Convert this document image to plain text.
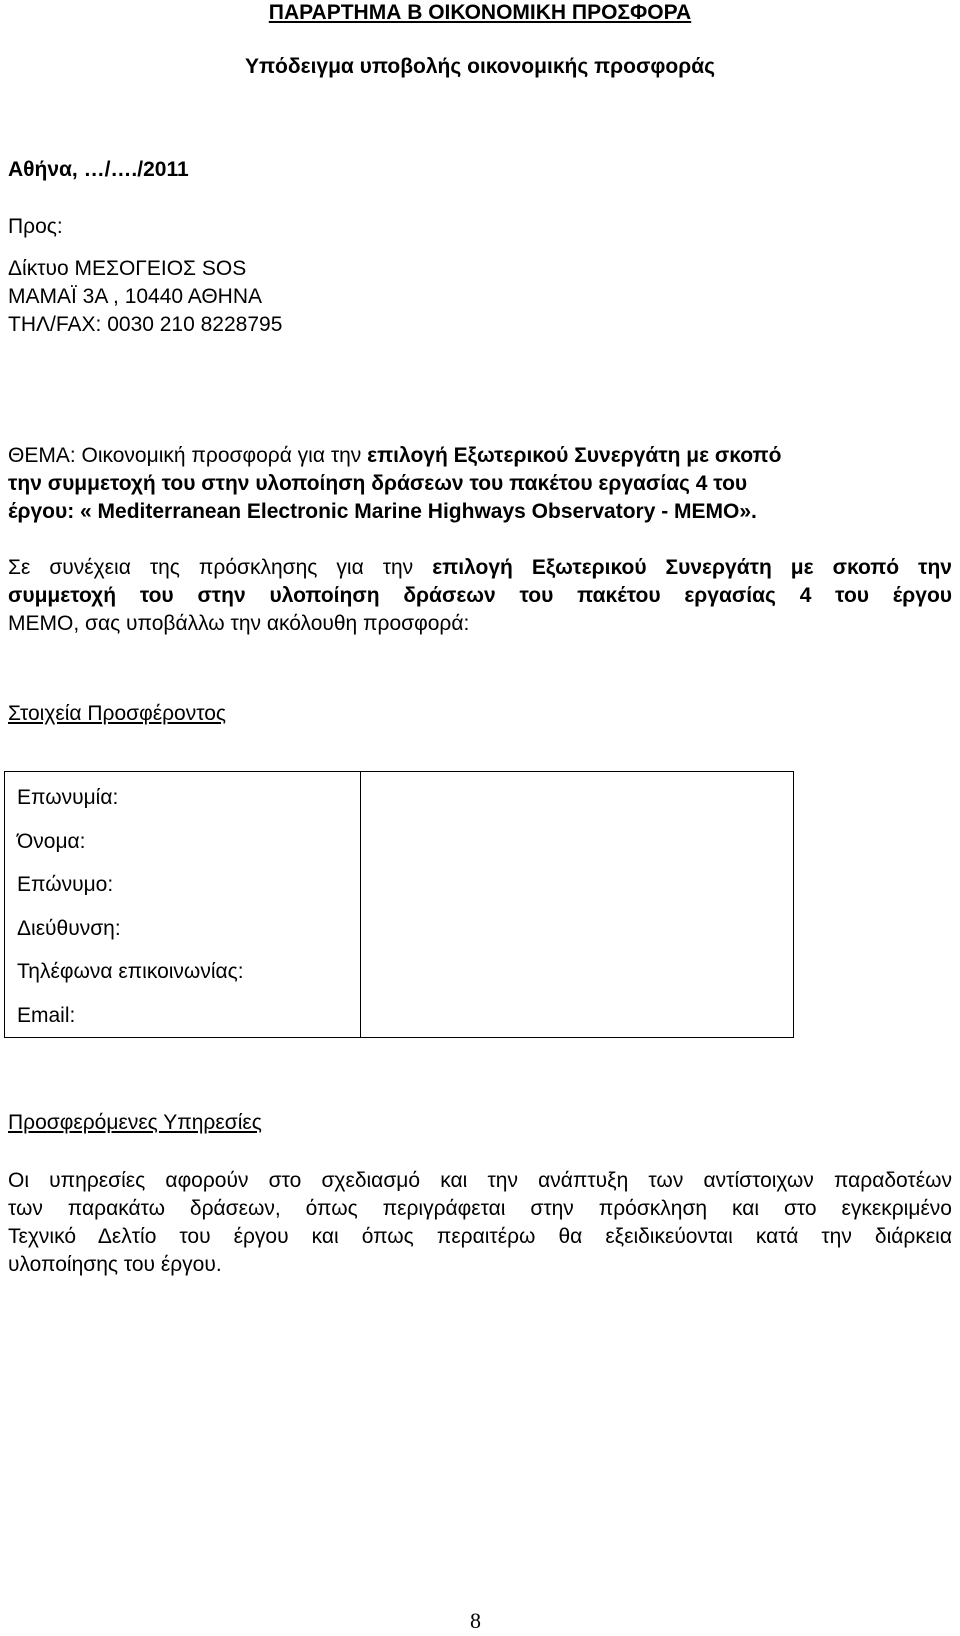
ΠΑΡΑΡΤΗΜΑ Β ΟΙΚΟΝΟΜΙΚΗ ΠΡΟΣΦΟΡΑ
Υπόδειγμα υποβολής οικονομικής προσφοράς
Αθήνα, …/…./2011
Προς:
Δίκτυο ΜΕΣΟΓΕΙΟΣ SOS
ΜΑΜΑΪ 3Α , 10440 ΑΘΗΝΑ
ΤΗΛ/FAX: 0030 210 8228795
ΘΕΜΑ: Οικονομική προσφορά για την επιλογή Εξωτερικού Συνεργάτη με σκοπό
την συμμετοχή του στην υλοποίηση δράσεων του πακέτου εργασίας 4 του
έργου: « Mediterranean Electronic Marine Highways Observatory - MEMO».
Σε συνέχεια της πρόσκλησης για την επιλογή Εξωτερικού Συνεργάτη με σκοπό την
συμμετοχή του στην υλοποίηση δράσεων του πακέτου εργασίας 4 του έργου
ΜΕΜΟ, σας υποβάλλω την ακόλουθη προσφορά:
Στοιχεία Προσφέροντος
Επωνυμία:
Όνομα:
Επώνυμο:
Διεύθυνση:
Τηλέφωνα επικοινωνίας:
Email:

Προσφερόμενες Υπηρεσίες
Οι υπηρεσίες αφορούν στο σχεδιασμό και την ανάπτυξη των αντίστοιχων παραδοτέων
των παρακάτω δράσεων, όπως περιγράφεται στην πρόσκληση και στο εγκεκριμένο
Τεχνικό Δελτίο του έργου και όπως περαιτέρω θα εξειδικεύονται κατά την διάρκεια
υλοποίησης του έργου.
8
